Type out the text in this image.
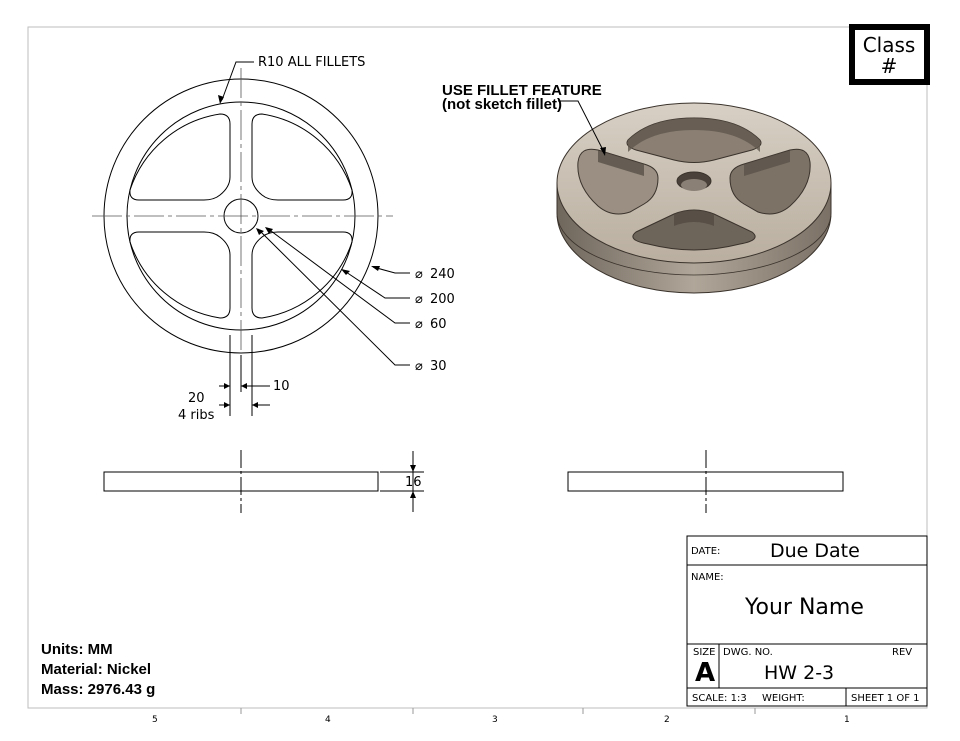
5	4	3	2	1
Class
#
R10 ALL FILLETS
⌀ 240
⌀ 200
⌀ 60
⌀ 30
10
20
4 ribs
USE FILLET FEATURE
(not sketch fillet)
16
Units: MM
Material: Nickel
Mass: 2976.43 g
DATE:	Due Date
NAME:
Your Name
SIZE
A
DWG. NO.
HW 2-3
REV
SCALE: 1:3 WEIGHT:	SHEET 1 OF 1
